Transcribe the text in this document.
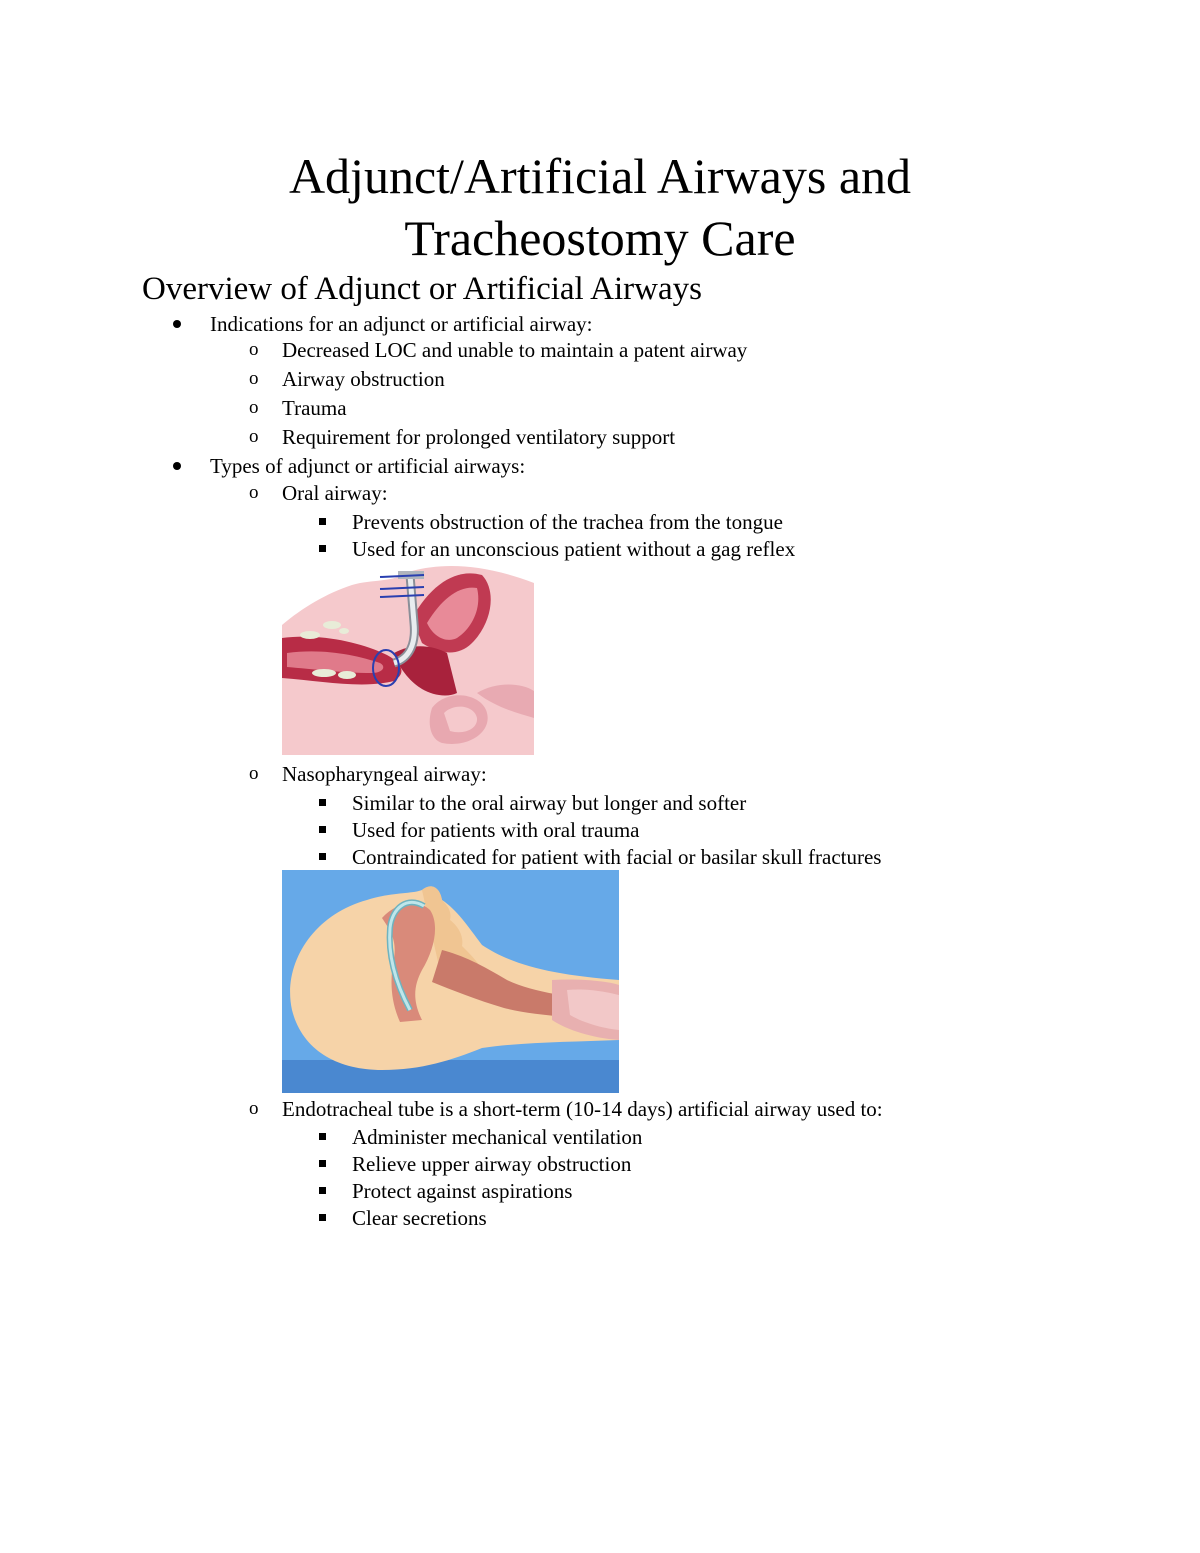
Adjunct/Artificial Airways and
Tracheostomy Care
Overview of Adjunct or Artificial Airways
Indications for an adjunct or artificial airway:
o Decreased LOC and unable to maintain a patent airway
o Airway obstruction
o Trauma
o Requirement for prolonged ventilatory support
Types of adjunct or artificial airways:
o Oral airway:
Prevents obstruction of the trachea from the tongue
Used for an unconscious patient without a gag reflex
o Nasopharyngeal airway:
Similar to the oral airway but longer and softer
Used for patients with oral trauma
Contraindicated for patient with facial or basilar skull fractures
o Endotracheal tube is a short-term (10-14 days) artificial airway used to:
Administer mechanical ventilation
Relieve upper airway obstruction
Protect against aspirations
Clear secretions
